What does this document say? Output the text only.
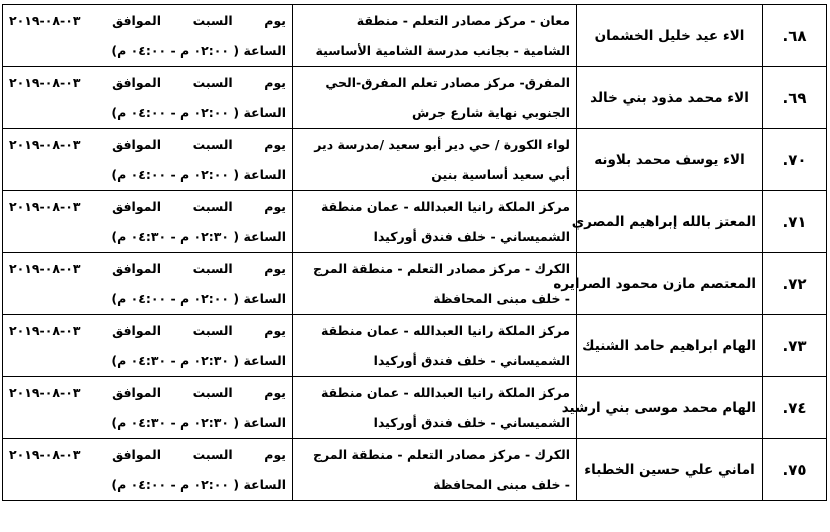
٦٨.	الاء عيد خليل الخشمان	معان - مركز مصادر التعلم - منطقة
الشامية - بجانب مدرسة الشامية الأساسية	يوم السبت الموافق ٠٣-٠٨-٢٠١٩
الساعة ( ٠٢:٠٠ م - ٠٤:٠٠ م)

٦٩.	الاء محمد مذود بني خالد	المفرق- مركز مصادر تعلم المفرق-الحي
الجنوبي نهاية شارع جرش	يوم السبت الموافق ٠٣-٠٨-٢٠١٩
الساعة ( ٠٢:٠٠ م - ٠٤:٠٠ م)

٧٠.	الاء يوسف محمد بلاونه	لواء الكورة / حي دير أبو سعيد /مدرسة دير
أبي سعيد أساسية بنين	يوم السبت الموافق ٠٣-٠٨-٢٠١٩
الساعة ( ٠٢:٠٠ م - ٠٤:٠٠ م)

٧١.	المعتز بالله إبراهيم المصري	مركز الملكة رانيا العبدالله - عمان منطقة
الشميساني - خلف فندق أوركيدا	يوم السبت الموافق ٠٣-٠٨-٢٠١٩
الساعة ( ٠٢:٣٠ م - ٠٤:٣٠ م)

٧٢.	المعتصم مازن محمود الصرايره	الكرك - مركز مصادر التعلم - منطقة المرج
- خلف مبنى المحافظة	يوم السبت الموافق ٠٣-٠٨-٢٠١٩
الساعة ( ٠٢:٠٠ م - ٠٤:٠٠ م)

٧٣.	الهام ابراهيم حامد الشنيك	مركز الملكة رانيا العبدالله - عمان منطقة
الشميساني - خلف فندق أوركيدا	يوم السبت الموافق ٠٣-٠٨-٢٠١٩
الساعة ( ٠٢:٣٠ م - ٠٤:٣٠ م)

٧٤.	الهام محمد موسى بني ارشيد	مركز الملكة رانيا العبدالله - عمان منطقة
الشميساني - خلف فندق أوركيدا	يوم السبت الموافق ٠٣-٠٨-٢٠١٩
الساعة ( ٠٢:٣٠ م - ٠٤:٣٠ م)

٧٥.	اماني علي حسين الخطباء	الكرك - مركز مصادر التعلم - منطقة المرج
- خلف مبنى المحافظة	يوم السبت الموافق ٠٣-٠٨-٢٠١٩
الساعة ( ٠٢:٠٠ م - ٠٤:٠٠ م)
